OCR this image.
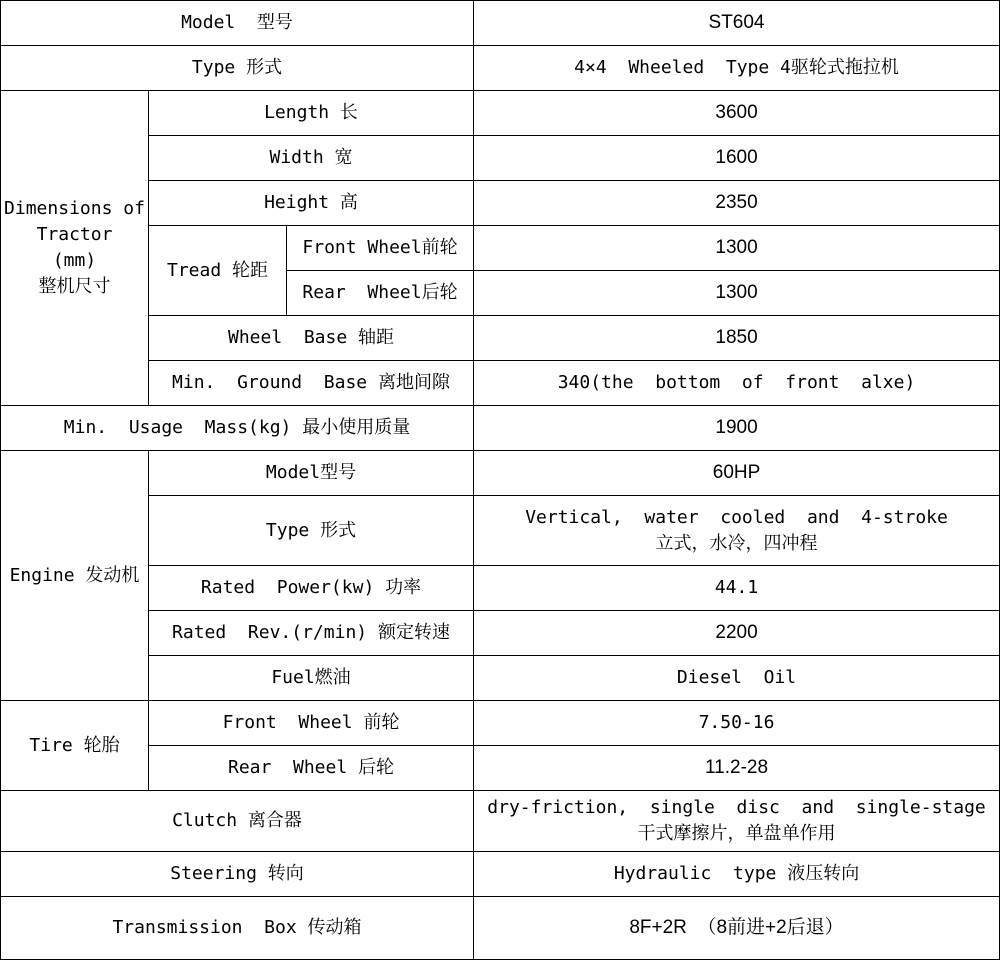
Model  型号			ST604
Type 形式			4×4  Wheeled  Type 4驱轮式拖拉机
Dimensions of
Tractor
(mm)
整机尺寸	Length 长		3600
	Width 宽		1600
	Height 高		2350
	Tread 轮距	Front Wheel前轮	1300
		Rear  Wheel后轮	1300
	Wheel  Base 轴距		1850
	Min.  Ground  Base 离地间隙		340(the  bottom  of  front  alxe)
Min.  Usage  Mass(kg) 最小使用质量			1900
Engine 发动机	Model型号		60HP
	Type 形式		Vertical,  water  cooled  and  4-stroke
立式，水冷，四冲程
	Rated  Power(kw) 功率		44.1
	Rated  Rev.(r/min) 额定转速		2200
	Fuel燃油		Diesel  Oil
Tire 轮胎	Front  Wheel 前轮		7.50-16
	Rear  Wheel 后轮		11.2-28
Clutch 离合器			dry-friction,  single  disc  and  single-stage
干式摩擦片，单盘单作用
Steering 转向			Hydraulic  type 液压转向
Transmission  Box 传动箱			8F+2R  （8前进+2后退）
